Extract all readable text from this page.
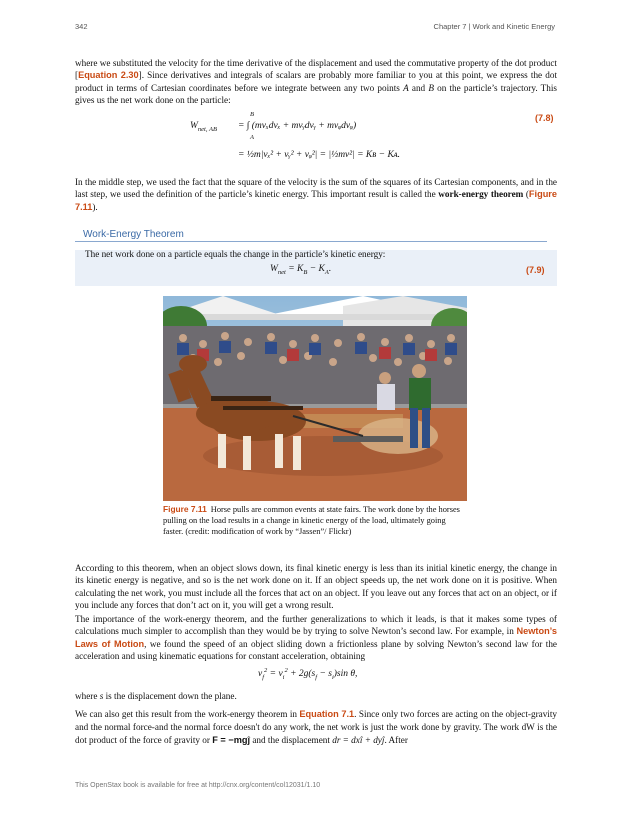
342	Chapter 7 | Work and Kinetic Energy

where we substituted the velocity for the time derivative of the displacement and used the commutative property of the dot product [Equation 2.30]. Since derivatives and integrals of scalars are probably more familiar to you at this point, we express the dot product in terms of Cartesian coordinates before we integrate between any two points A and B on the particle’s trajectory. This gives us the net work done on the particle:

$W_{net, AB}$ = ∫ (mvₓdvₓ + mvᵧdvᵧ + mvᵩdvᵩ)
B
A
= ½m|vₓ² + vᵧ² + vᵩ²| = |½mv²| = Kʙ − Kᴀ.
(7.8)

In the middle step, we used the fact that the square of the velocity is the sum of the squares of its Cartesian components, and in the last step, we used the definition of the particle’s kinetic energy. This important result is called the work-energy theorem (Figure 7.11).

Work-Energy Theorem
The net work done on a particle equals the change in the particle’s kinetic energy:
$W_{net} = K_B - K_A$.	(7.9)
Figure 7.11 Horse pulls are common events at state fairs. The work done by the horses pulling on the load results in a change in kinetic energy of the load, ultimately going faster. (credit: modification of work by “Jassen”/ Flickr)

According to this theorem, when an object slows down, its final kinetic energy is less than its initial kinetic energy, the change in its kinetic energy is negative, and so is the net work done on it. If an object speeds up, the net work done on it is positive. When calculating the net work, you must include all the forces that act on an object. If you leave out any forces that act on an object, or if you include any forces that don’t act on it, you will get a wrong result.

The importance of the work-energy theorem, and the further generalizations to which it leads, is that it makes some types of calculations much simpler to accomplish than they would be by trying to solve Newton’s second law. For example, in Newton’s Laws of Motion, we found the speed of an object sliding down a frictionless plane by solving Newton’s second law for the acceleration and using kinematic equations for constant acceleration, obtaining

$v_f^2 = v_i^2 + 2g(s_f - s_i)\sin$ θ,

where s is the displacement down the plane.

We can also get this result from the work-energy theorem in Equation 7.1. Since only two forces are acting on the object-gravity and the normal force-and the normal force doesn't do any work, the net work is just the work done by gravity. The work dW is the dot product of the force of gravity or F = −mgĵ and the displacement dr = dxî + dyĵ. After

This OpenStax book is available for free at http://cnx.org/content/col12031/1.10
